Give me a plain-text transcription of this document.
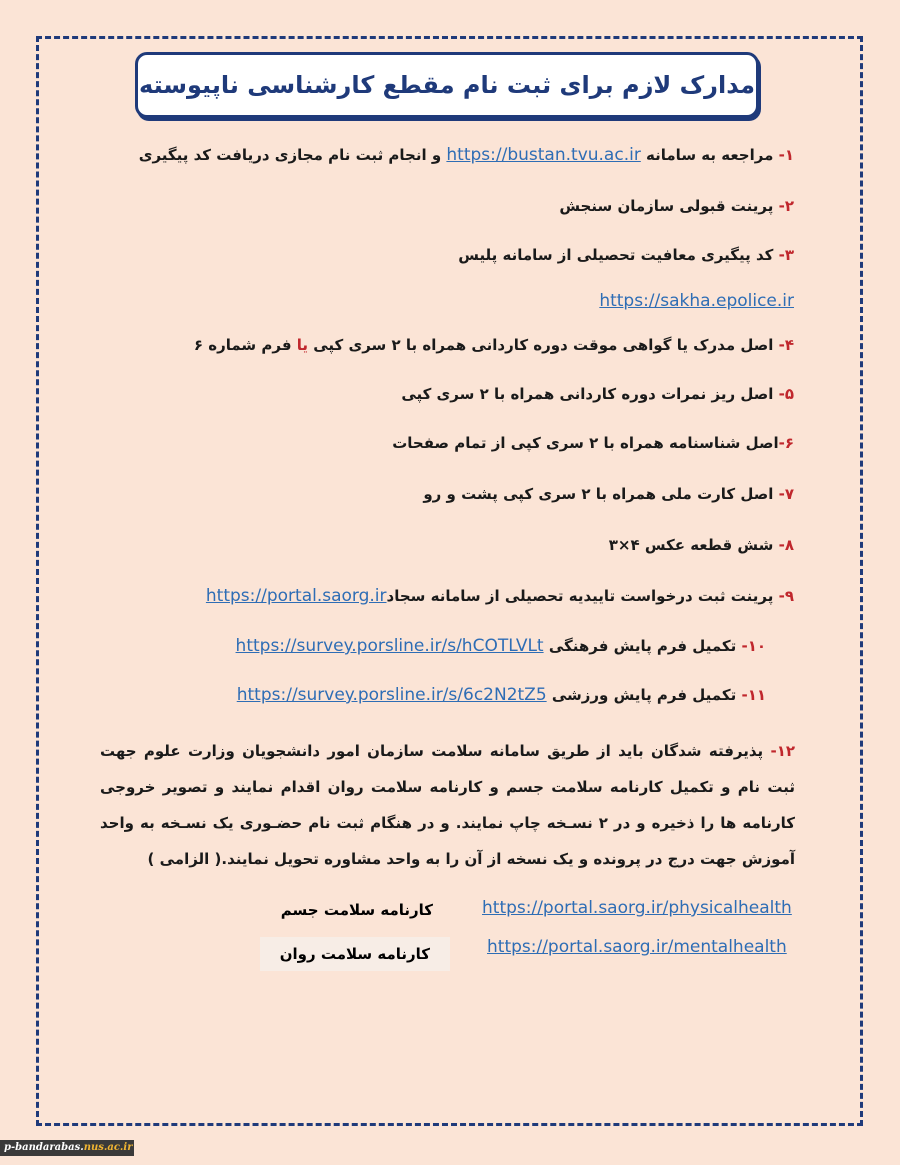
مدارک لازم برای ثبت نام مقطع کارشناسی ناپیوسته
۱- مراجعه به سامانه https://bustan.tvu.ac.ir و انجام ثبت نام مجازی دریافت کد پیگیری
۲- پرینت قبولی سازمان سنجش
۳- کد پیگیری معافیت تحصیلی از سامانه پلیس
https://sakha.epolice.ir
۴- اصل مدرک یا گواهی موقت دوره کاردانی همراه با ۲ سری کپی یا فرم شماره ۶
۵- اصل ریز نمرات دوره کاردانی همراه با ۲ سری کپی
۶-اصل شناسنامه همراه با ۲ سری کپی از تمام صفحات
۷- اصل کارت ملی همراه با ۲ سری کپی پشت و رو
۸- شش قطعه عکس ۴×۳
۹- پرینت ثبت درخواست تاییدیه تحصیلی از سامانه سجادhttps://portal.saorg.ir
۱۰- تکمیل فرم پایش فرهنگی https://survey.porsline.ir/s/hCOTLVLt
۱۱- تکمیل فرم پایش ورزشی https://survey.porsline.ir/s/6c2N2tZ5
۱۲- پذیرفته شدگان باید از طریق سامانه سلامت سازمان امور دانشجویان وزارت علوم جهت ثبت نام و تکمیل کارنامه سلامت جسم و کارنامه سلامت روان اقدام نمایند و تصویر خروجی کارنامه ها را ذخیره و در ۲ نسـخه چاپ نمایند. و در هنگام ثبت نام حضـوری یک نسـخه به واحد آموزش جهت درج در پرونده و یک نسخه از آن را به واحد مشاوره تحویل نمایند.( الزامی )
کارنامه سلامت جسم	https://portal.saorg.ir/physicalhealth
کارنامه سلامت روان	https://portal.saorg.ir/mentalhealth
p-bandarabas.nus.ac.ir
